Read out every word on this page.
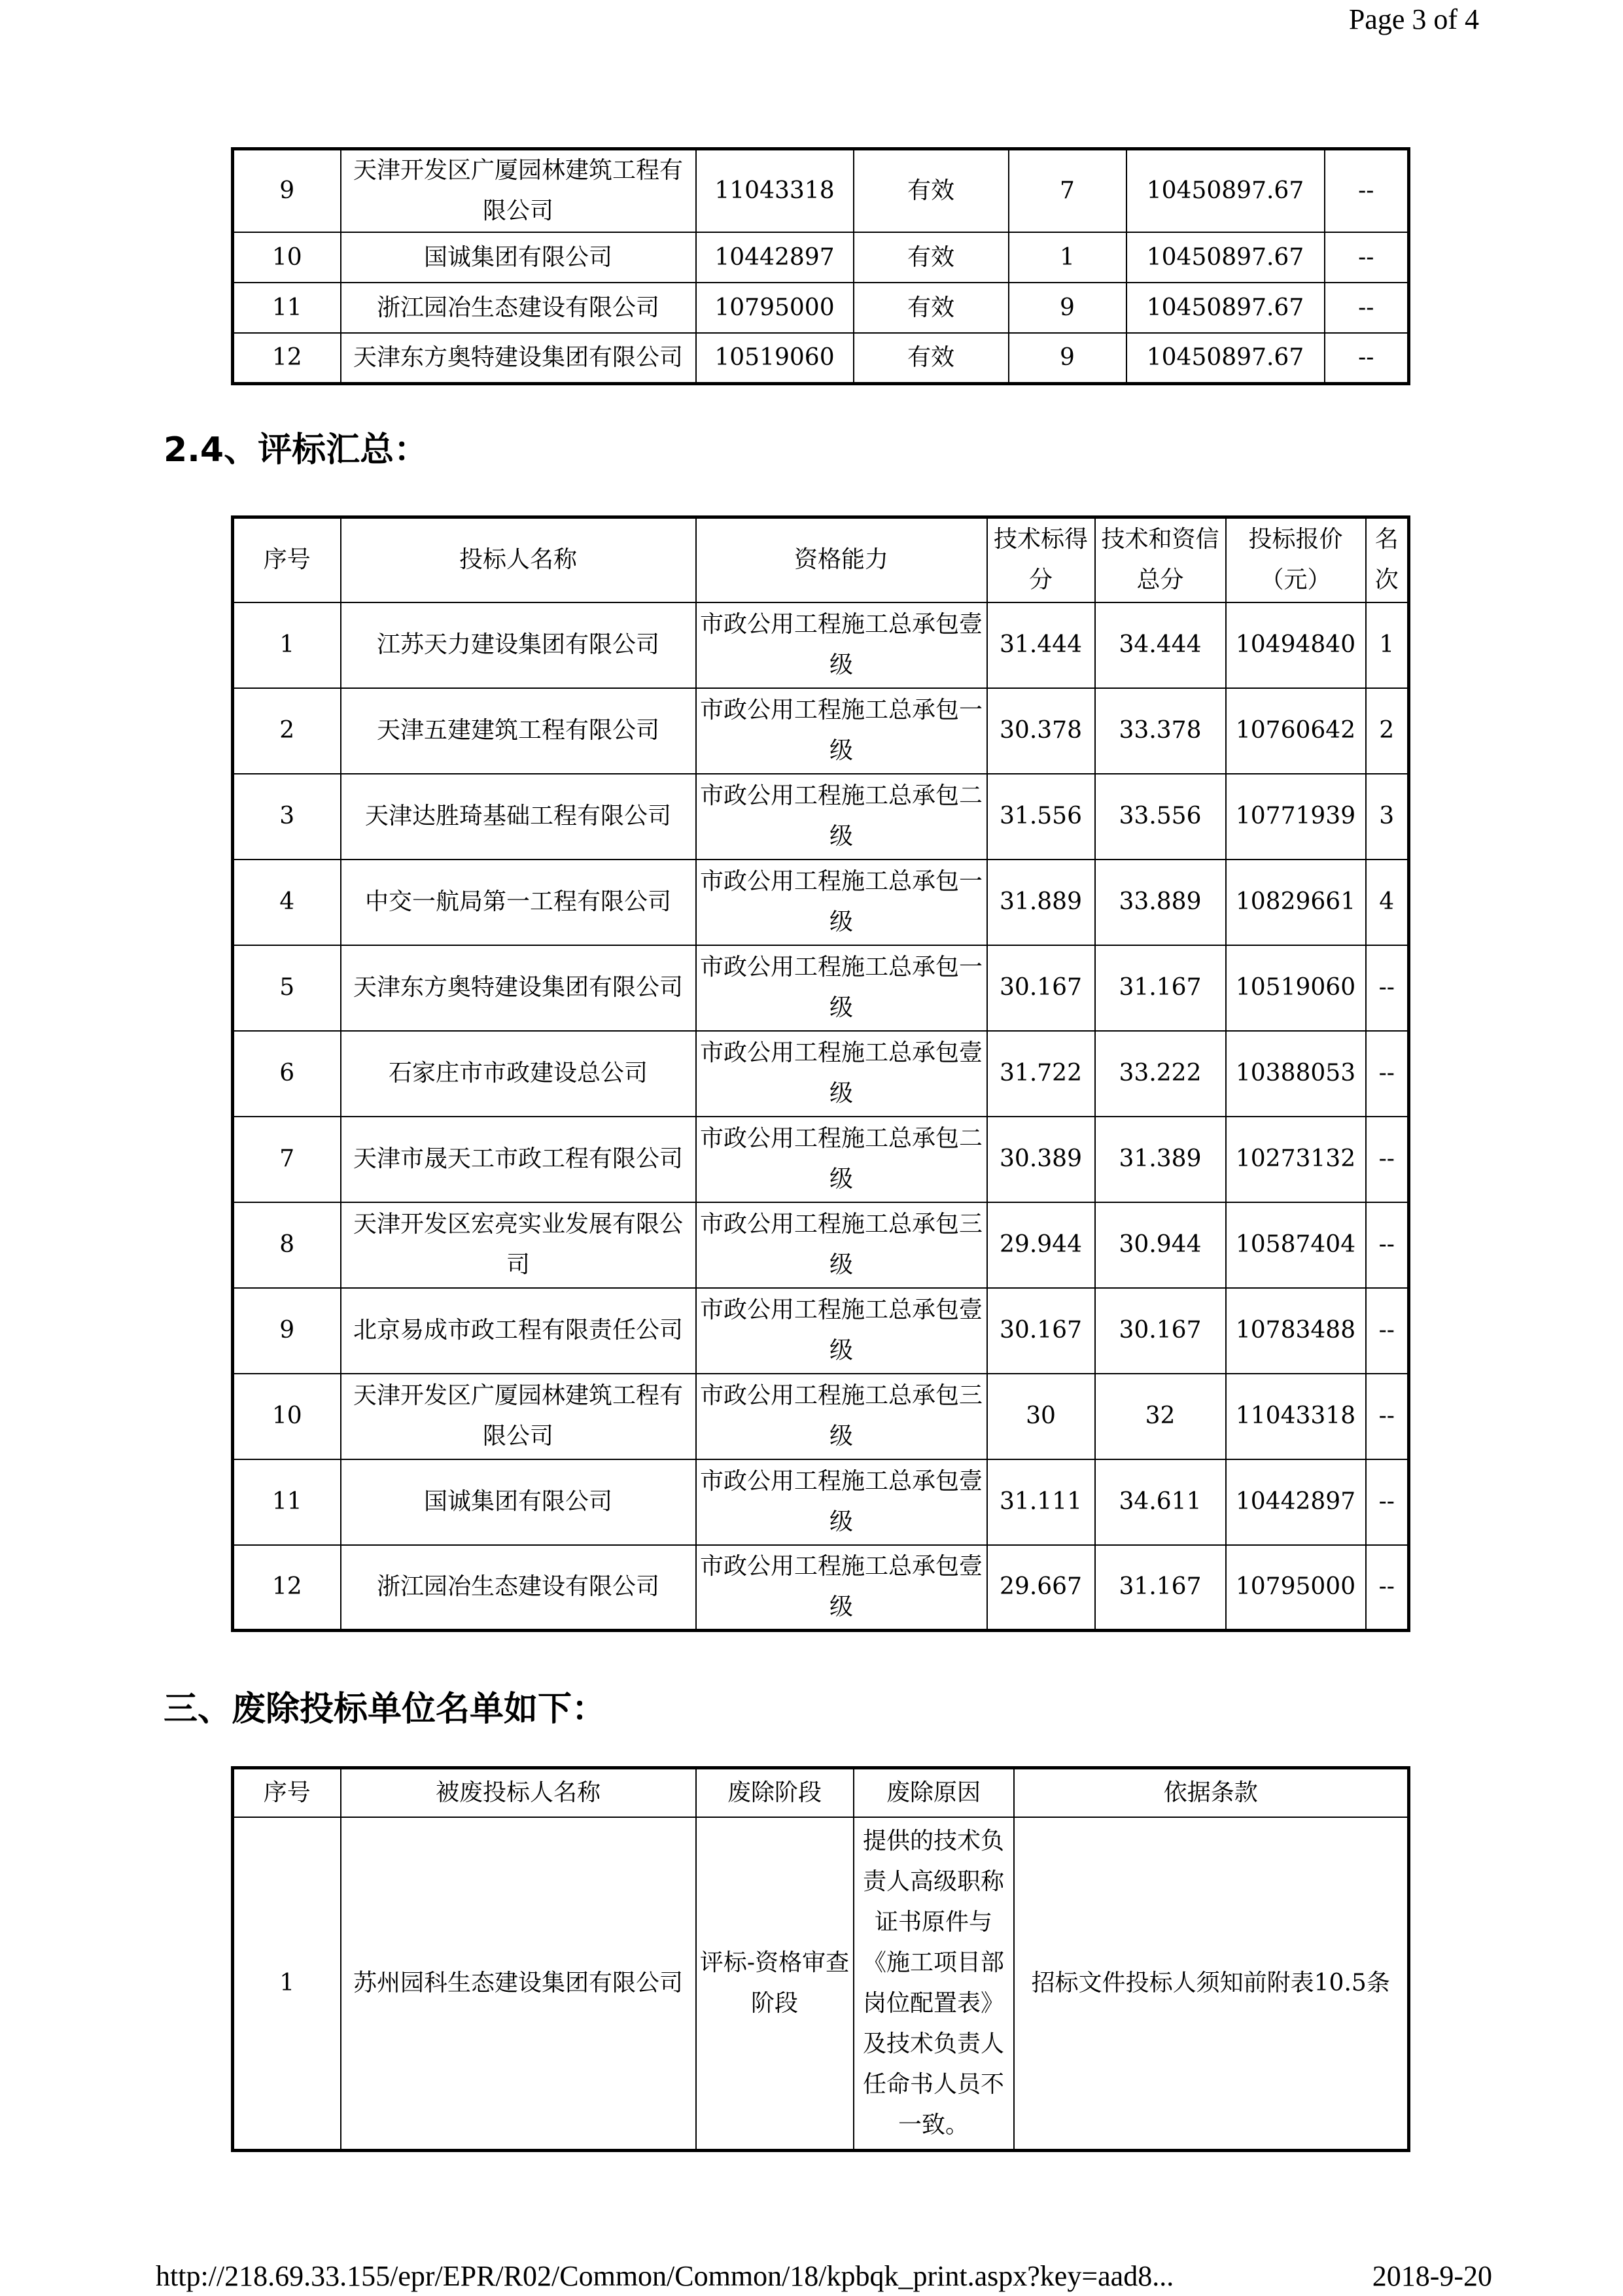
Page 3 of 4
9	天津开发区广厦园林建筑工程有限公司	11043318	有效	7	10450897.67	--
10	国诚集团有限公司	10442897	有效	1	10450897.67	--
11	浙江园冶生态建设有限公司	10795000	有效	9	10450897.67	--
12	天津东方奥特建设集团有限公司	10519060	有效	9	10450897.67	--
2.4、评标汇总：
序号	投标人名称	资格能力	技术标得分	技术和资信总分	投标报价（元）	名次
1	江苏天力建设集团有限公司	市政公用工程施工总承包壹级	31.444	34.444	10494840	1
2	天津五建建筑工程有限公司	市政公用工程施工总承包一级	30.378	33.378	10760642	2
3	天津达胜琦基础工程有限公司	市政公用工程施工总承包二级	31.556	33.556	10771939	3
4	中交一航局第一工程有限公司	市政公用工程施工总承包一级	31.889	33.889	10829661	4
5	天津东方奥特建设集团有限公司	市政公用工程施工总承包一级	30.167	31.167	10519060	--
6	石家庄市市政建设总公司	市政公用工程施工总承包壹级	31.722	33.222	10388053	--
7	天津市晟天工市政工程有限公司	市政公用工程施工总承包二级	30.389	31.389	10273132	--
8	天津开发区宏亮实业发展有限公司	市政公用工程施工总承包三级	29.944	30.944	10587404	--
9	北京易成市政工程有限责任公司	市政公用工程施工总承包壹级	30.167	30.167	10783488	--
10	天津开发区广厦园林建筑工程有限公司	市政公用工程施工总承包三级	30	32	11043318	--
11	国诚集团有限公司	市政公用工程施工总承包壹级	31.111	34.611	10442897	--
12	浙江园冶生态建设有限公司	市政公用工程施工总承包壹级	29.667	31.167	10795000	--
三、废除投标单位名单如下：
序号	被废投标人名称	废除阶段	废除原因	依据条款
1	苏州园科生态建设集团有限公司	评标-资格审查阶段	提供的技术负责人高级职称证书原件与《施工项目部岗位配置表》及技术负责人任命书人员不一致。	招标文件投标人须知前附表10.5条
http://218.69.33.155/epr/EPR/R02/Common/Common/18/kpbqk_print.aspx?key=aad8...	2018-9-20
